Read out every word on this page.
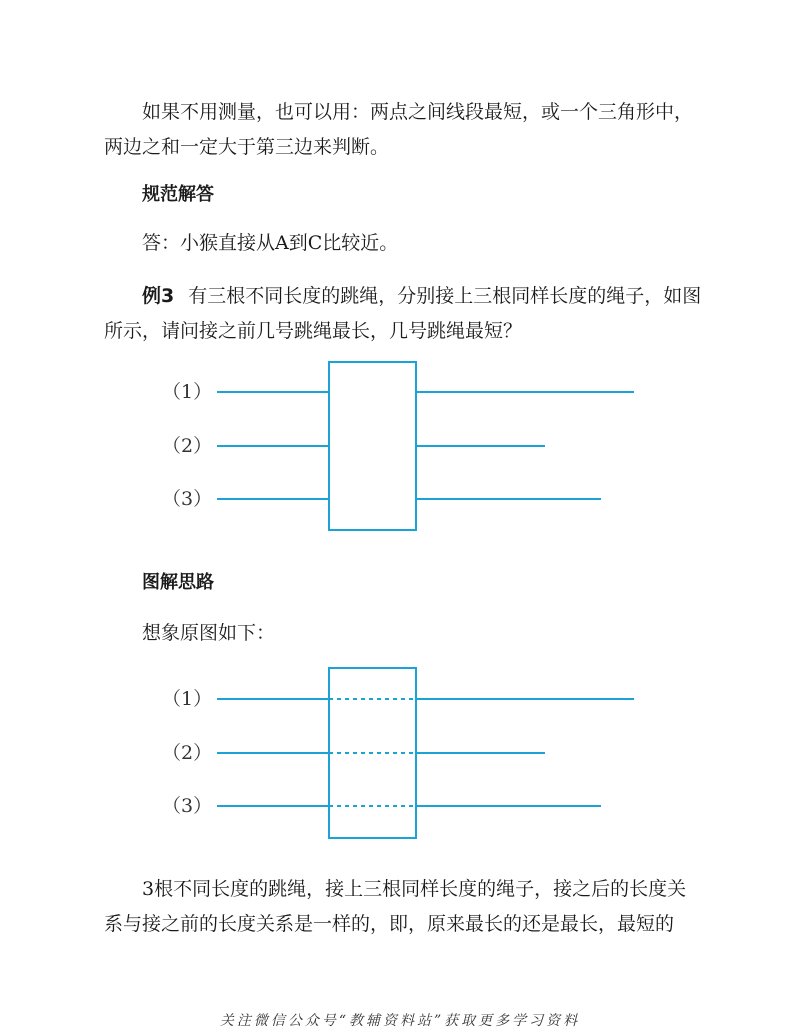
如果不用测量，也可以用：两点之间线段最短，或一个三角形中，两边之和一定大于第三边来判断。

规范解答

答：小猴直接从A到C比较近。

例3 有三根不同长度的跳绳，分别接上三根同样长度的绳子，如图所示，请问接之前几号跳绳最长，几号跳绳最短？

（1）
（2）
（3）
图解思路

想象原图如下：

（1）
（2）
（3）

3根不同长度的跳绳，接上三根同样长度的绳子，接之后的长度关系与接之前的长度关系是一样的，即，原来最长的还是最长，最短的

关注微信公众号“教辅资料站”获取更多学习资料
